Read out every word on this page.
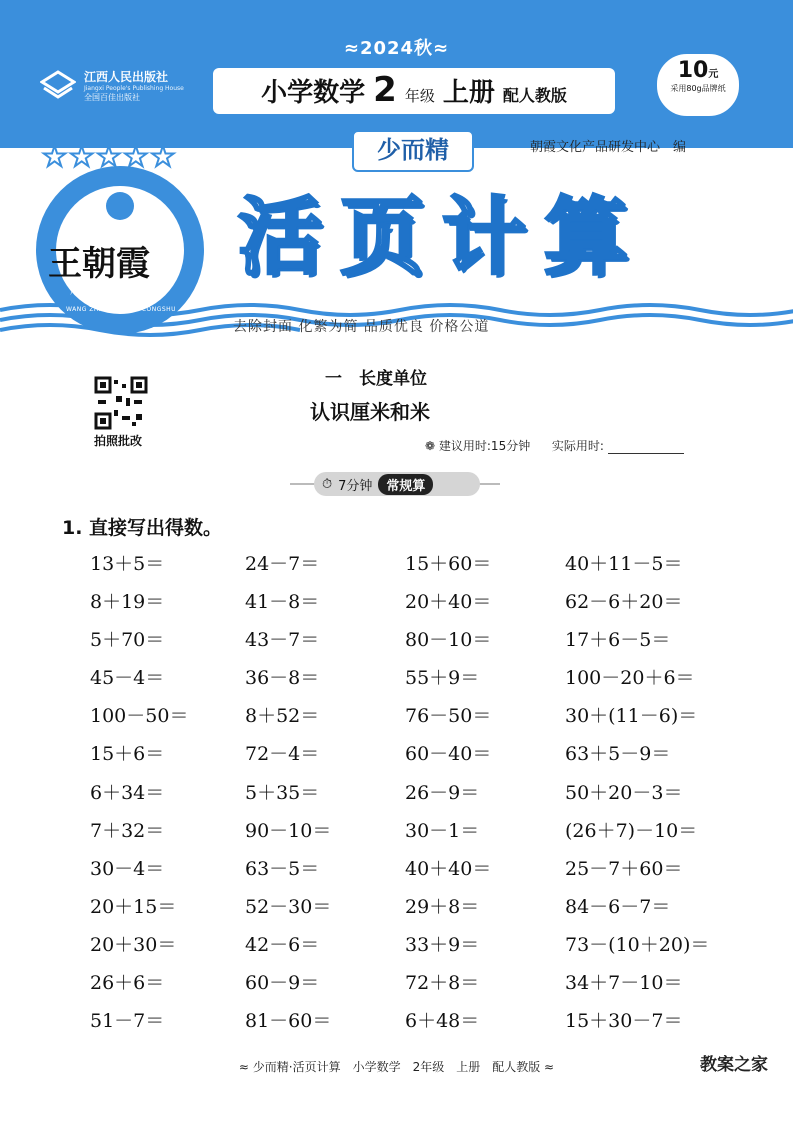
≈2024秋≈
江西人民出版社
Jiangxi People's Publishing House
全国百佳出版社	小学数学 2 年级 上册 配人教版
10元
采用80g品牌纸
少而精	朝霞文化产品研发中心　编
活页计算
★★★★★
王朝霞
用心做书　服务教育
WANG ZHAOXIA XILIE CONGSHU
去除封面 化繁为简 品质优良 价格公道
拍照批改
一　长度单位
认识厘米和米
❁ 建议用时:15分钟 实际用时:
⏱ 7分钟	常规算
1. 直接写出得数。
13＋5＝	24－7＝	15＋60＝	40＋11－5＝
8＋19＝	41－8＝	20＋40＝	62－6＋20＝
5＋70＝	43－7＝	80－10＝	17＋6－5＝
45－4＝	36－8＝	55＋9＝	100－20＋6＝
100－50＝	8＋52＝	76－50＝	30＋(11－6)＝
15＋6＝	72－4＝	60－40＝	63＋5－9＝
6＋34＝	5＋35＝	26－9＝	50＋20－3＝
7＋32＝	90－10＝	30－1＝	(26＋7)－10＝
30－4＝	63－5＝	40＋40＝	25－7＋60＝
20＋15＝	52－30＝	29＋8＝	84－6－7＝
20＋30＝	42－6＝	33＋9＝	73－(10＋20)＝
26＋6＝	60－9＝	72＋8＝	34＋7－10＝
51－7＝	81－60＝	6＋48＝	15＋30－7＝
≈ 少而精·活页计算　小学数学　2年级　上册　配人教版 ≈	教案之家
